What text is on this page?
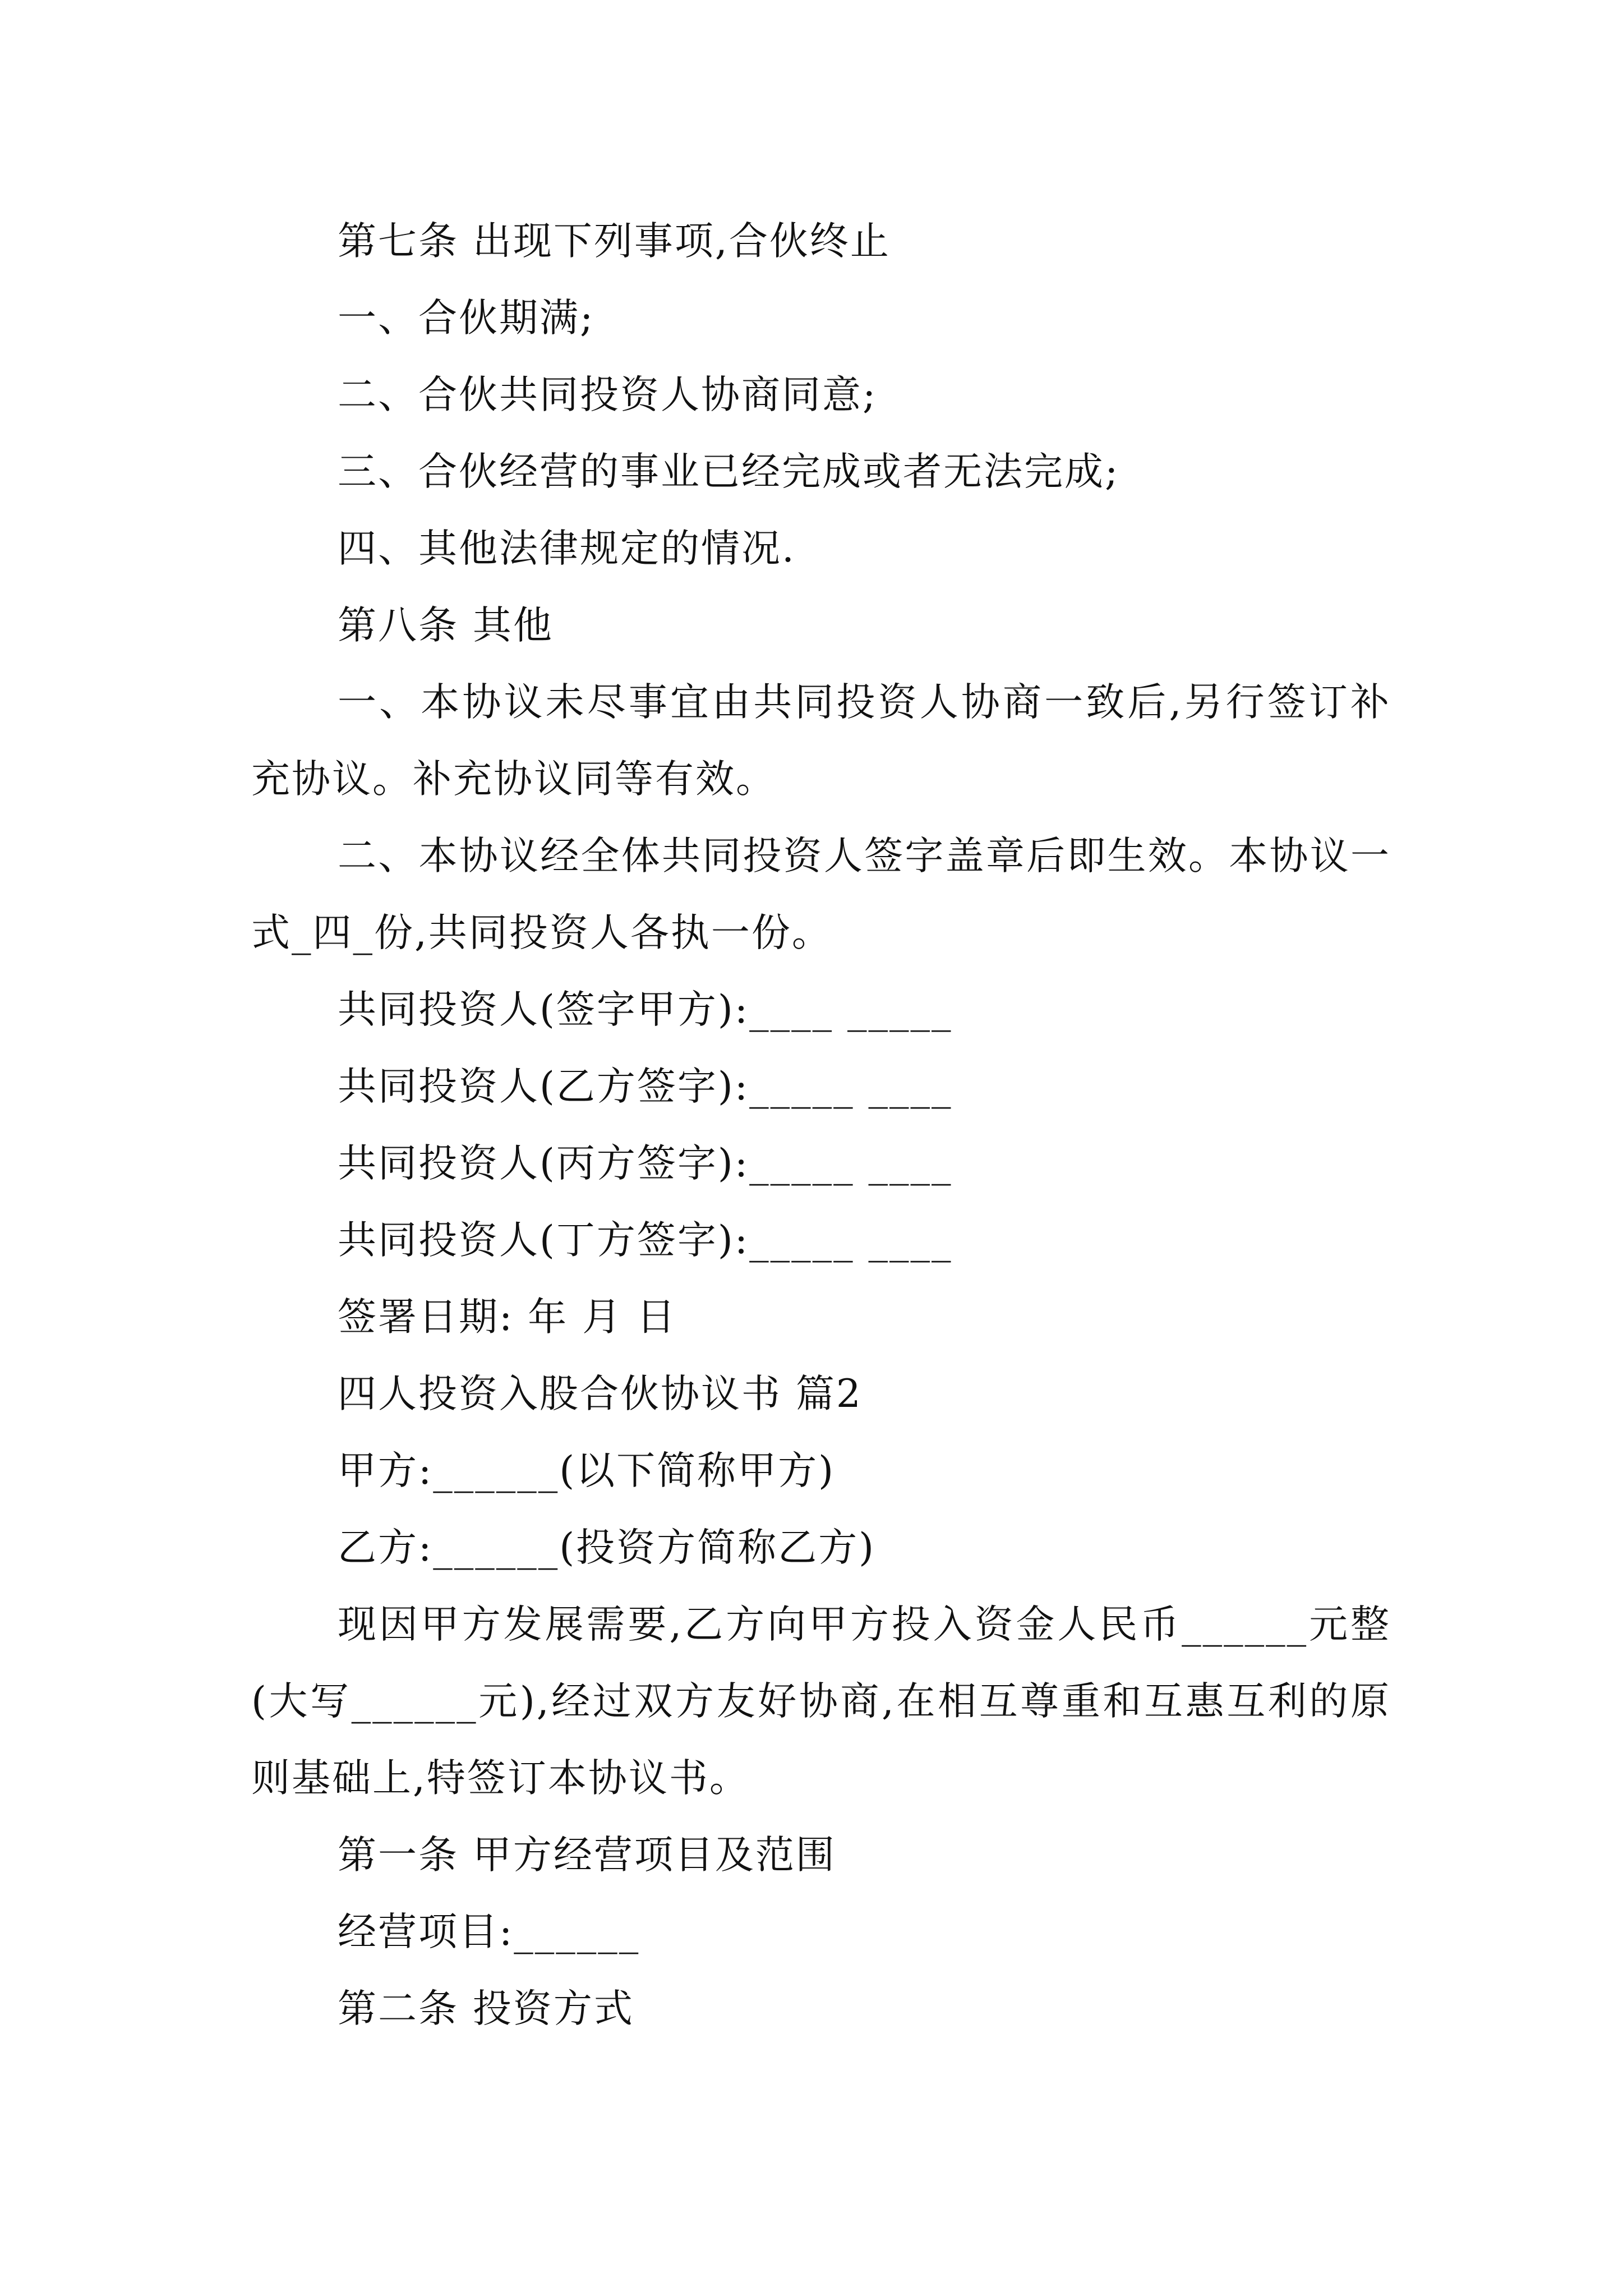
第七条 出现下列事项,合伙终止
一、合伙期满;
二、合伙共同投资人协商同意;
三、合伙经营的事业已经完成或者无法完成;
四、其他法律规定的情况.
第八条 其他
一、本协议未尽事宜由共同投资人协商一致后,另行签订补充协议。补充协议同等有效。
二、本协议经全体共同投资人签字盖章后即生效。本协议一式_四_份,共同投资人各执一份。
共同投资人(签字甲方):____ _____
共同投资人(乙方签字):_____ ____
共同投资人(丙方签字):_____ ____
共同投资人(丁方签字):_____ ____
签署日期: 年 月 日
四人投资入股合伙协议书 篇2
甲方:______(以下简称甲方)
乙方:______(投资方简称乙方)
现因甲方发展需要,乙方向甲方投入资金人民币______元整(大写______元),经过双方友好协商,在相互尊重和互惠互利的原则基础上,特签订本协议书。
第一条 甲方经营项目及范围
经营项目:______
第二条 投资方式
